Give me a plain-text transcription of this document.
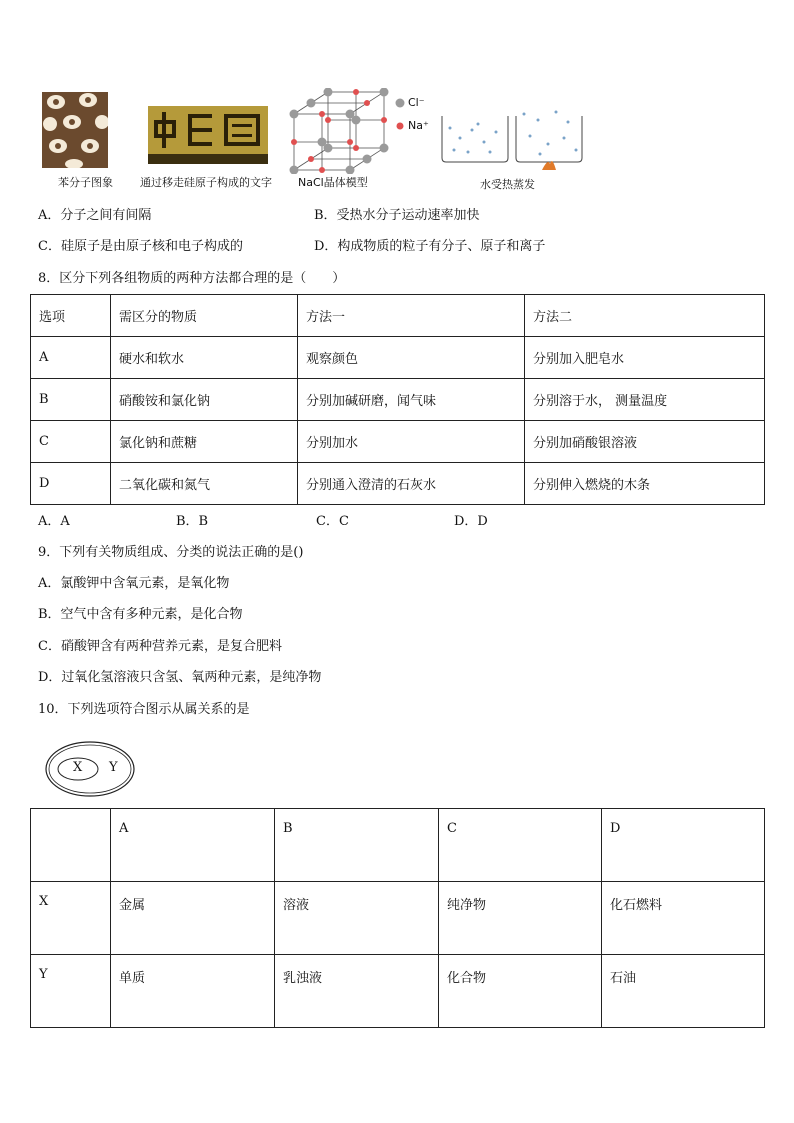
苯分子图象 通过移走硅原子构成的文字
Cl⁻
Na⁺
NaCl晶体模型	水受热蒸发
A．分子之间有间隔	B．受热水分子运动速率加快
C．硅原子是由原子核和电子构成的	D．构成物质的粒子有分子、原子和离子
8．区分下列各组物质的两种方法都合理的是（　　）
选项	需区分的物质	方法一	方法二
A	硬水和软水	观察颜色	分别加入肥皂水
B	硝酸铵和氯化钠	分别加碱研磨，闻气味	分别溶于水， 测量温度
C	氯化钠和蔗糖	分别加水	分别加硝酸银溶液
D	二氧化碳和氮气	分别通入澄清的石灰水	分别伸入燃烧的木条
A．A	B．B	C．C	D．D
9．下列有关物质组成、分类的说法正确的是()
A．氯酸钾中含氧元素，是氧化物
B．空气中含有多种元素，是化合物
C．硝酸钾含有两种营养元素，是复合肥料
D．过氧化氢溶液只含氢、氧两种元素，是纯净物
10．下列选项符合图示从属关系的是
X Y
	A	B	C	D
X	金属	溶液	纯净物	化石燃料
Y	单质	乳浊液	化合物	石油
